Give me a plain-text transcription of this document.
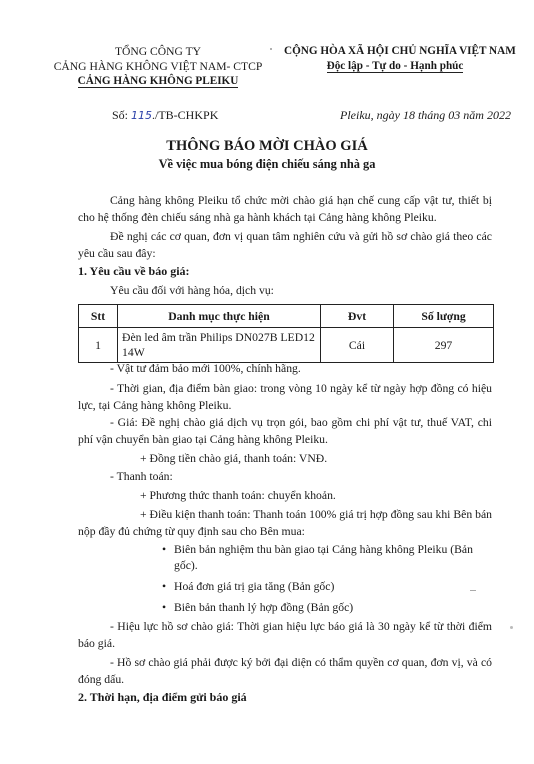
TỔNG CÔNG TY
CẢNG HÀNG KHÔNG VIỆT NAM- CTCP
CẢNG HÀNG KHÔNG PLEIKU
CỘNG HÒA XÃ HỘI CHỦ NGHĨA VIỆT NAM
Độc lập - Tự do - Hạnh phúc
Số: 115./TB-CHKPK	Pleiku, ngày 18 tháng 03 năm 2022
THÔNG BÁO MỜI CHÀO GIÁ
Về việc mua bóng điện chiếu sáng nhà ga
Cảng hàng không Pleiku tổ chức mời chào giá hạn chế cung cấp vật tư, thiết bị cho hệ thống đèn chiếu sáng nhà ga hành khách tại Cảng hàng không Pleiku.
Đề nghị các cơ quan, đơn vị quan tâm nghiên cứu và gửi hồ sơ chào giá theo các yêu cầu sau đây:
1. Yêu cầu về báo giá:
Yêu cầu đối với hàng hóa, dịch vụ:
Stt	Danh mục thực hiện	Đvt	Số lượng
1	Đèn led âm trần Philips DN027B LED12 14W	Cái	297
- Vật tư đảm bảo mới 100%, chính hãng.
- Thời gian, địa điểm bàn giao: trong vòng 10 ngày kể từ ngày hợp đồng có hiệu lực, tại Cảng hàng không Pleiku.
- Giá: Đề nghị chào giá dịch vụ trọn gói, bao gồm chi phí vật tư, thuế VAT, chi phí vận chuyển bàn giao tại Cảng hàng không Pleiku.
+ Đồng tiền chào giá, thanh toán: VNĐ.
- Thanh toán:
+ Phương thức thanh toán: chuyển khoản.
+ Điều kiện thanh toán: Thanh toán 100% giá trị hợp đồng sau khi Bên bán nộp đầy đủ chứng từ quy định sau cho Bên mua:
• Biên bản nghiệm thu bàn giao tại Cảng hàng không Pleiku (Bản gốc).
• Hoá đơn giá trị gia tăng (Bản gốc)
• Biên bản thanh lý hợp đồng (Bản gốc)
- Hiệu lực hồ sơ chào giá: Thời gian hiệu lực báo giá là 30 ngày kể từ thời điểm báo giá.
- Hồ sơ chào giá phải được ký bởi đại diện có thẩm quyền cơ quan, đơn vị, và có đóng dấu.
2. Thời hạn, địa điểm gửi báo giá
